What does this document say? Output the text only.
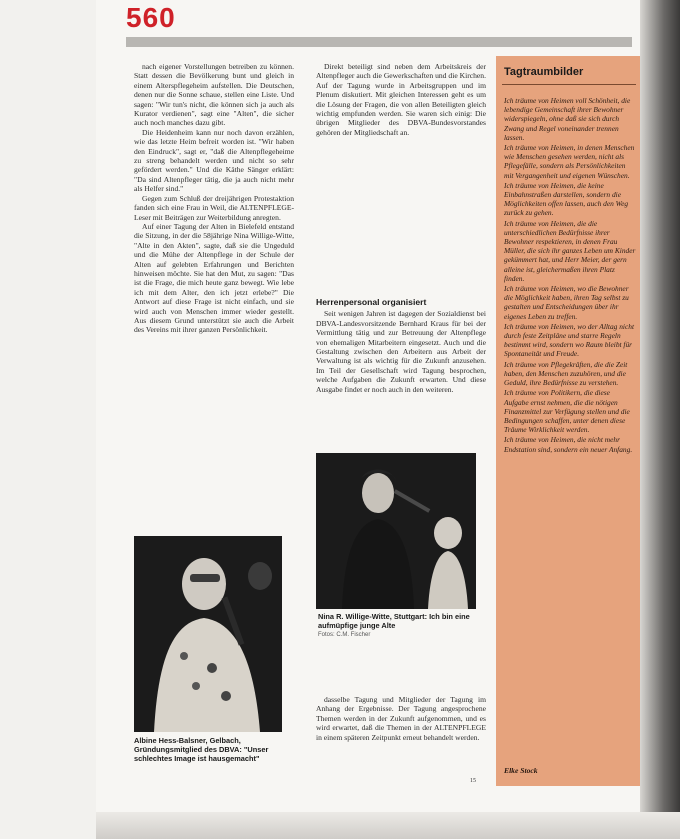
560

nach eigener Vorstellungen betreiben zu können. Statt dessen die Bevölkerung bunt und gleich in einem Alterspflegeheim aufstellen. Die Deutschen, denen nur die Sonne schaue, stellen eine Liste. Und sagen: "Wir tun's nicht, die können sich ja auch als Kurator verdienen", sagt eine "Alten", die sicher auch noch manches dazu gibt.

Die Heidenheim kann nur noch davon erzählen, wie das letzte Heim befreit worden ist. "Wir haben den Eindruck", sagt er, "daß die Altenpflegeheime zu streng behandelt werden und nicht so sehr gefördert werden." Und die Käthe Sänger erklärt: "Da sind Altenpfleger tätig, die ja auch nicht mehr als Helfer sind."

Gegen zum Schluß der dreijährigen Protestaktion fanden sich eine Frau in Weil, die ALTENPFLEGE-Leser mit Beiträgen zur Weiterbildung anregten.

Auf einer Tagung der Alten in Bielefeld entstand die Sitzung, in der die 58jährige Nina Willige-Witte, "Alte in den Akten", sagte, daß sie die Ungeduld und die Mühe der Altenpflege in der Schule der Alten auf gelebten Erfahrungen und Berichten hinweisen möchte. Sie hat den Mut, zu sagen: "Das ist die Frage, die mich heute ganz bewegt. Wie lebe ich mit dem Alter, den ich jetzt erlebe?" Die Antwort auf diese Frage ist nicht einfach, und sie wird auch von Menschen immer wieder gestellt. Aus diesem Grund unterstützt sie auch die Arbeit des Vereins mit ihrer ganzen Persönlichkeit.

Direkt beteiligt sind neben dem Arbeitskreis der Altenpfleger auch die Gewerkschaften und die Kirchen. Auf der Tagung wurde in Arbeitsgruppen und im Plenum diskutiert. Mit gleichen Interessen geht es um die Lösung der Fragen, die von allen Beteiligten gleich wichtig empfunden werden. Sie waren sich einig: Die übrigen Mitglieder des DBVA-Bundesvorstandes gehören der Mitgliedschaft an.

Herrenpersonal organisiert

Seit wenigen Jahren ist dagegen der Sozialdienst bei DBVA-Landesvorsitzende Bernhard Kraus für bei der Vermittlung tätig und zur Betreuung der Altenpflege von ehemaligen Mitarbeitern eingesetzt. Auch und die Gestaltung zwischen den Arbeitern aus Arbeit der Verwaltung ist als wichtig für die Zukunft anzusehen. Im Teil der Gesellschaft wird Tagung besprochen, welche Aufgaben die Zukunft erwarten. Und diese Ausgabe findet er noch auch in den weiteren.

dasselbe Tagung und Mitglieder der Tagung im Anhang der Ergebnisse. Der Tagung angesprochene Themen werden in der Zukunft aufgenommen, und es wird erwartet, daß die Themen in der ALTENPFLEGE in einem späteren Zeitpunkt erneut behandelt werden.

Albine Hess-Balsner, Gelbach, Gründungsmitglied des DBVA: "Unser schlechtes Image ist hausgemacht"
Nina R. Willige-Witte, Stuttgart: Ich bin eine aufmüpfige junge Alte
Fotos: C.M. Fischer
Tagtraumbilder

Ich träume von Heimen voll Schönheit, die lebendige Gemeinschaft ihrer Bewohner widerspiegeln, ohne daß sie sich durch Zwang und Regel voneinander trennen lassen.

Ich träume von Heimen, in denen Menschen wie Menschen gesehen werden, nicht als Pflegefälle, sondern als Persönlichkeiten mit Vergangenheit und eigenen Wünschen.

Ich träume von Heimen, die keine Einbahnstraßen darstellen, sondern die Möglichkeiten offen lassen, auch den Weg zurück zu gehen.

Ich träume von Heimen, die die unterschiedlichen Bedürfnisse ihrer Bewohner respektieren, in denen Frau Müller, die sich ihr ganzes Leben um Kinder gekümmert hat, und Herr Meier, der gern alleine ist, gleichermaßen ihren Platz finden.

Ich träume von Heimen, wo die Bewohner die Möglichkeit haben, ihren Tag selbst zu gestalten und Entscheidungen über ihr eigenes Leben zu treffen.

Ich träume von Heimen, wo der Alltag nicht durch feste Zeitpläne und starre Regeln bestimmt wird, sondern wo Raum bleibt für Spontaneität und Freude.

Ich träume von Pflegekräften, die die Zeit haben, den Menschen zuzuhören, und die Geduld, ihre Bedürfnisse zu verstehen.

Ich träume von Politikern, die diese Aufgabe ernst nehmen, die die nötigen Finanzmittel zur Verfügung stellen und die Bedingungen schaffen, unter denen diese Träume Wirklichkeit werden.

Ich träume von Heimen, die nicht mehr Endstation sind, sondern ein neuer Anfang.

Elke Stock
15
